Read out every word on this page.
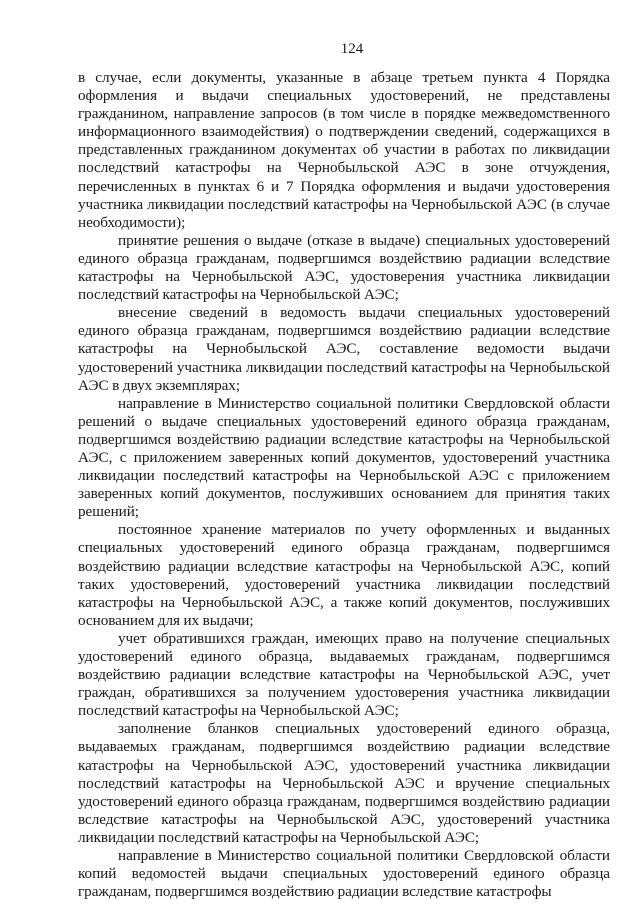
124

в случае, если документы, указанные в абзаце третьем пункта 4 Порядка оформления и выдачи специальных удостоверений, не представлены гражданином, направление запросов (в том числе в порядке межведомственного информационного взаимодействия) о подтверждении сведений, содержащихся в представленных гражданином документах об участии в работах по ликвидации последствий катастрофы на Чернобыльской АЭС в зоне отчуждения, перечисленных в пунктах 6 и 7 Порядка оформления и выдачи удостоверения участника ликвидации последствий катастрофы на Чернобыльской АЭС (в случае необходимости);

принятие решения о выдаче (отказе в выдаче) специальных удостоверений единого образца гражданам, подвергшимся воздействию радиации вследствие катастрофы на Чернобыльской АЭС, удостоверения участника ликвидации последствий катастрофы на Чернобыльской АЭС;

внесение сведений в ведомость выдачи специальных удостоверений единого образца гражданам, подвергшимся воздействию радиации вследствие катастрофы на Чернобыльской АЭС, составление ведомости выдачи удостоверений участника ликвидации последствий катастрофы на Чернобыльской АЭС в двух экземплярах;

направление в Министерство социальной политики Свердловской области решений о выдаче специальных удостоверений единого образца гражданам, подвергшимся воздействию радиации вследствие катастрофы на Чернобыльской АЭС, с приложением заверенных копий документов, удостоверений участника ликвидации последствий катастрофы на Чернобыльской АЭС с приложением заверенных копий документов, послуживших основанием для принятия таких решений;

постоянное хранение материалов по учету оформленных и выданных специальных удостоверений единого образца гражданам, подвергшимся воздействию радиации вследствие катастрофы на Чернобыльской АЭС, копий таких удостоверений, удостоверений участника ликвидации последствий катастрофы на Чернобыльской АЭС, а также копий документов, послуживших основанием для их выдачи;

учет обратившихся граждан, имеющих право на получение специальных удостоверений единого образца, выдаваемых гражданам, подвергшимся воздействию радиации вследствие катастрофы на Чернобыльской АЭС, учет граждан, обратившихся за получением удостоверения участника ликвидации последствий катастрофы на Чернобыльской АЭС;

заполнение бланков специальных удостоверений единого образца, выдаваемых гражданам, подвергшимся воздействию радиации вследствие катастрофы на Чернобыльской АЭС, удостоверений участника ликвидации последствий катастрофы на Чернобыльской АЭС и вручение специальных удостоверений единого образца гражданам, подвергшимся воздействию радиации вследствие катастрофы на Чернобыльской АЭС, удостоверений участника ликвидации последствий катастрофы на Чернобыльской АЭС;

направление в Министерство социальной политики Свердловской области копий ведомостей выдачи специальных удостоверений единого образца гражданам, подвергшимся воздействию радиации вследствие катастрофы
